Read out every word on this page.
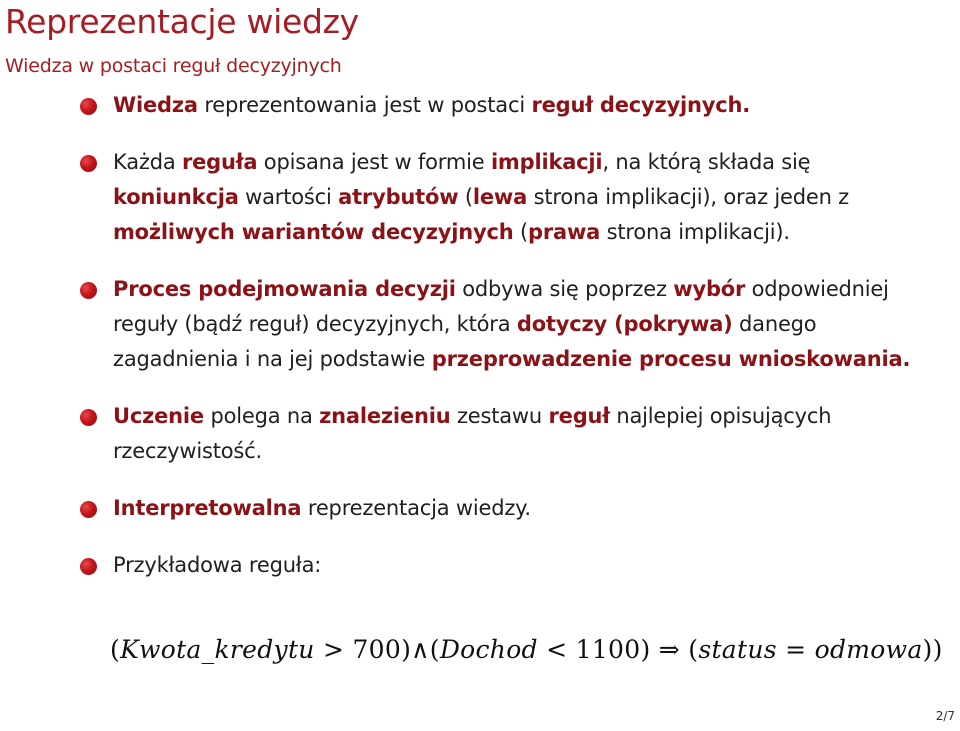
Reprezentacje wiedzy
Wiedza w postaci reguł decyzyjnych
Wiedza reprezentowania jest w postaci reguł decyzyjnych.
Każda reguła opisana jest w formie implikacji, na którą składa się koniunkcja wartości atrybutów (lewa strona implikacji), oraz jeden z możliwych wariantów decyzyjnych (prawa strona implikacji).
Proces podejmowania decyzji odbywa się poprzez wybór odpowiedniej reguły (bądź reguł) decyzyjnych, która dotyczy (pokrywa) danego zagadnienia i na jej podstawie przeprowadzenie procesu wnioskowania.
Uczenie polega na znalezieniu zestawu reguł najlepiej opisujących rzeczywistość.
Interpretowalna reprezentacja wiedzy.
Przykładowa reguła:
(Kwota_kredytu > 700)∧(Dochod < 1100) ⇒ (status = odmowa))
2/7
